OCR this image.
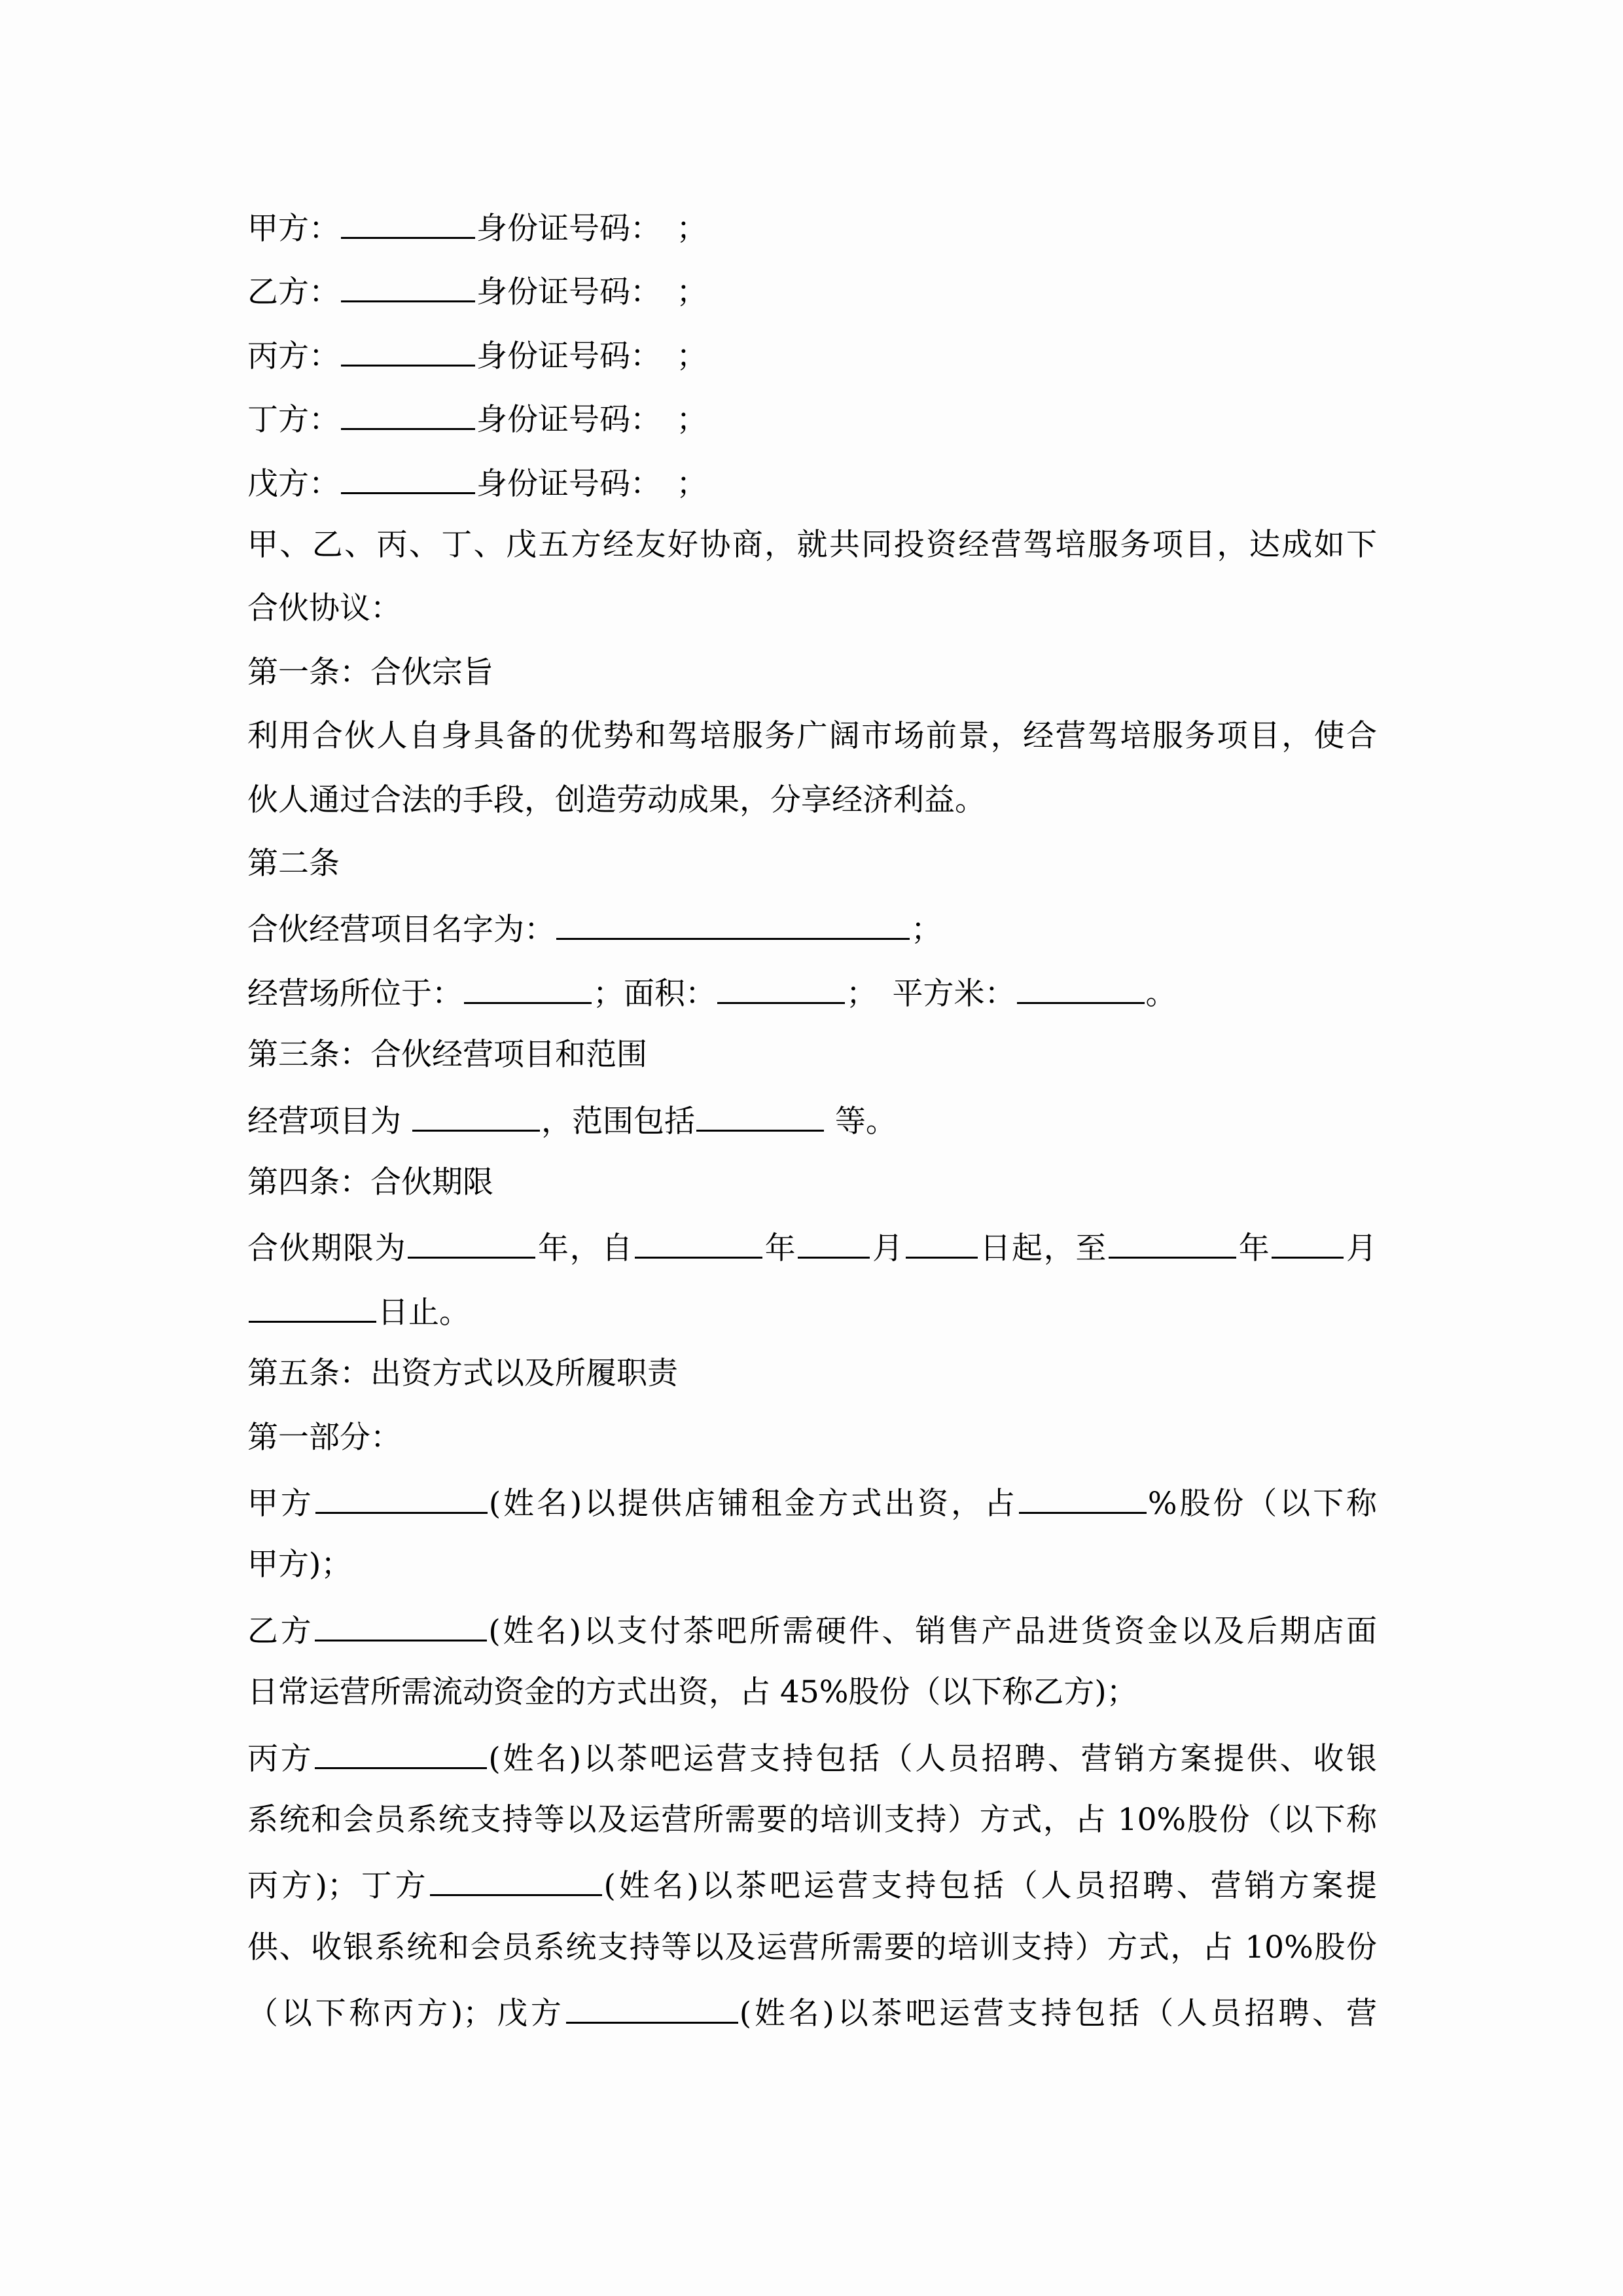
甲方：	身份证号码：　；
乙方：	身份证号码：　；
丙方：	身份证号码：　；
丁方：	身份证号码：　；
戊方：	身份证号码：　；
甲、乙、丙、丁、戊五方经友好协商，就共同投资经营驾培服务项目，达成如下
合伙协议：
第一条：合伙宗旨
利用合伙人自身具备的优势和驾培服务广阔市场前景，经营驾培服务项目，使合
伙人通过合法的手段，创造劳动成果，分享经济利益。
第二条
合伙经营项目名字为：	；
经营场所位于：	；面积：	；　平方米：	。
第三条：合伙经营项目和范围
经营项目为	，范围包括	等。
第四条：合伙期限
合伙期限为	年，自	年 月 日起，至	年 月
日止。
第五条：出资方式以及所履职责
第一部分：
甲方	(姓名)以提供店铺租金方式出资，占	%股份（以下称
甲方)；
乙方	(姓名)以支付茶吧所需硬件、销售产品进货资金以及后期店面
日常运营所需流动资金的方式出资，占 45%股份（以下称乙方)；
丙方	(姓名)以茶吧运营支持包括（人员招聘、营销方案提供、收银
系统和会员系统支持等以及运营所需要的培训支持）方式，占 10%股份（以下称
丙方)；丁方	(姓名)以茶吧运营支持包括（人员招聘、营销方案提
供、收银系统和会员系统支持等以及运营所需要的培训支持）方式，占 10%股份
（以下称丙方)；戊方	(姓名)以茶吧运营支持包括（人员招聘、营
